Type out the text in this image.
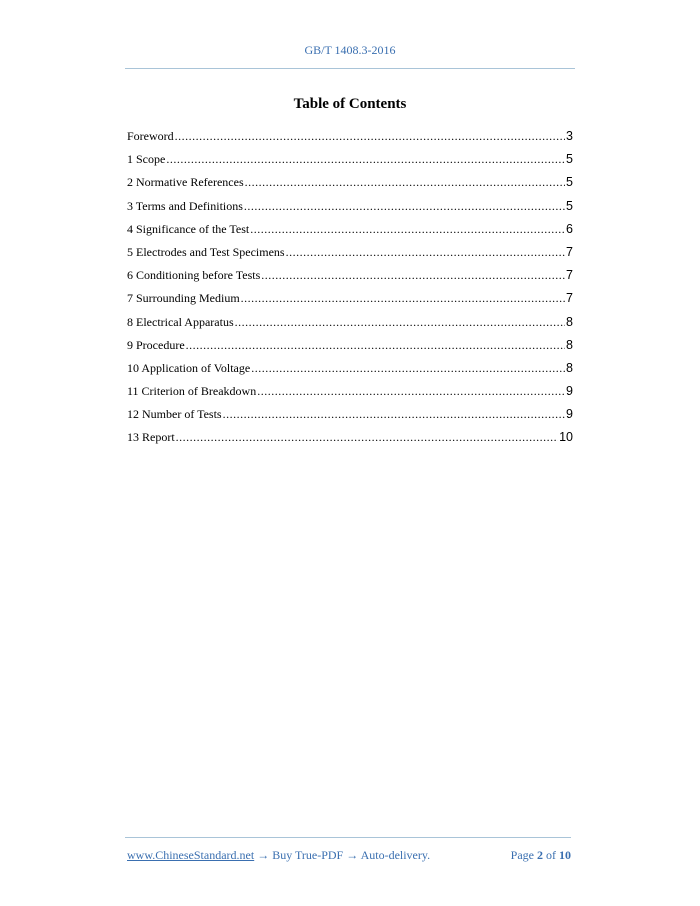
GB/T 1408.3-2016
Table of Contents
Foreword .....	3
1 Scope .....	5
2 Normative References .....	5
3 Terms and Definitions .....	5
4 Significance of the Test .....	6
5 Electrodes and Test Specimens .....	7
6 Conditioning before Tests .....	7
7 Surrounding Medium .....	7
8 Electrical Apparatus .....	8
9 Procedure .....	8
10 Application of Voltage .....	8
11 Criterion of Breakdown .....	9
12 Number of Tests .....	9
13 Report .....	10
www.ChineseStandard.net → Buy True-PDF → Auto-delivery.	Page 2 of 10
